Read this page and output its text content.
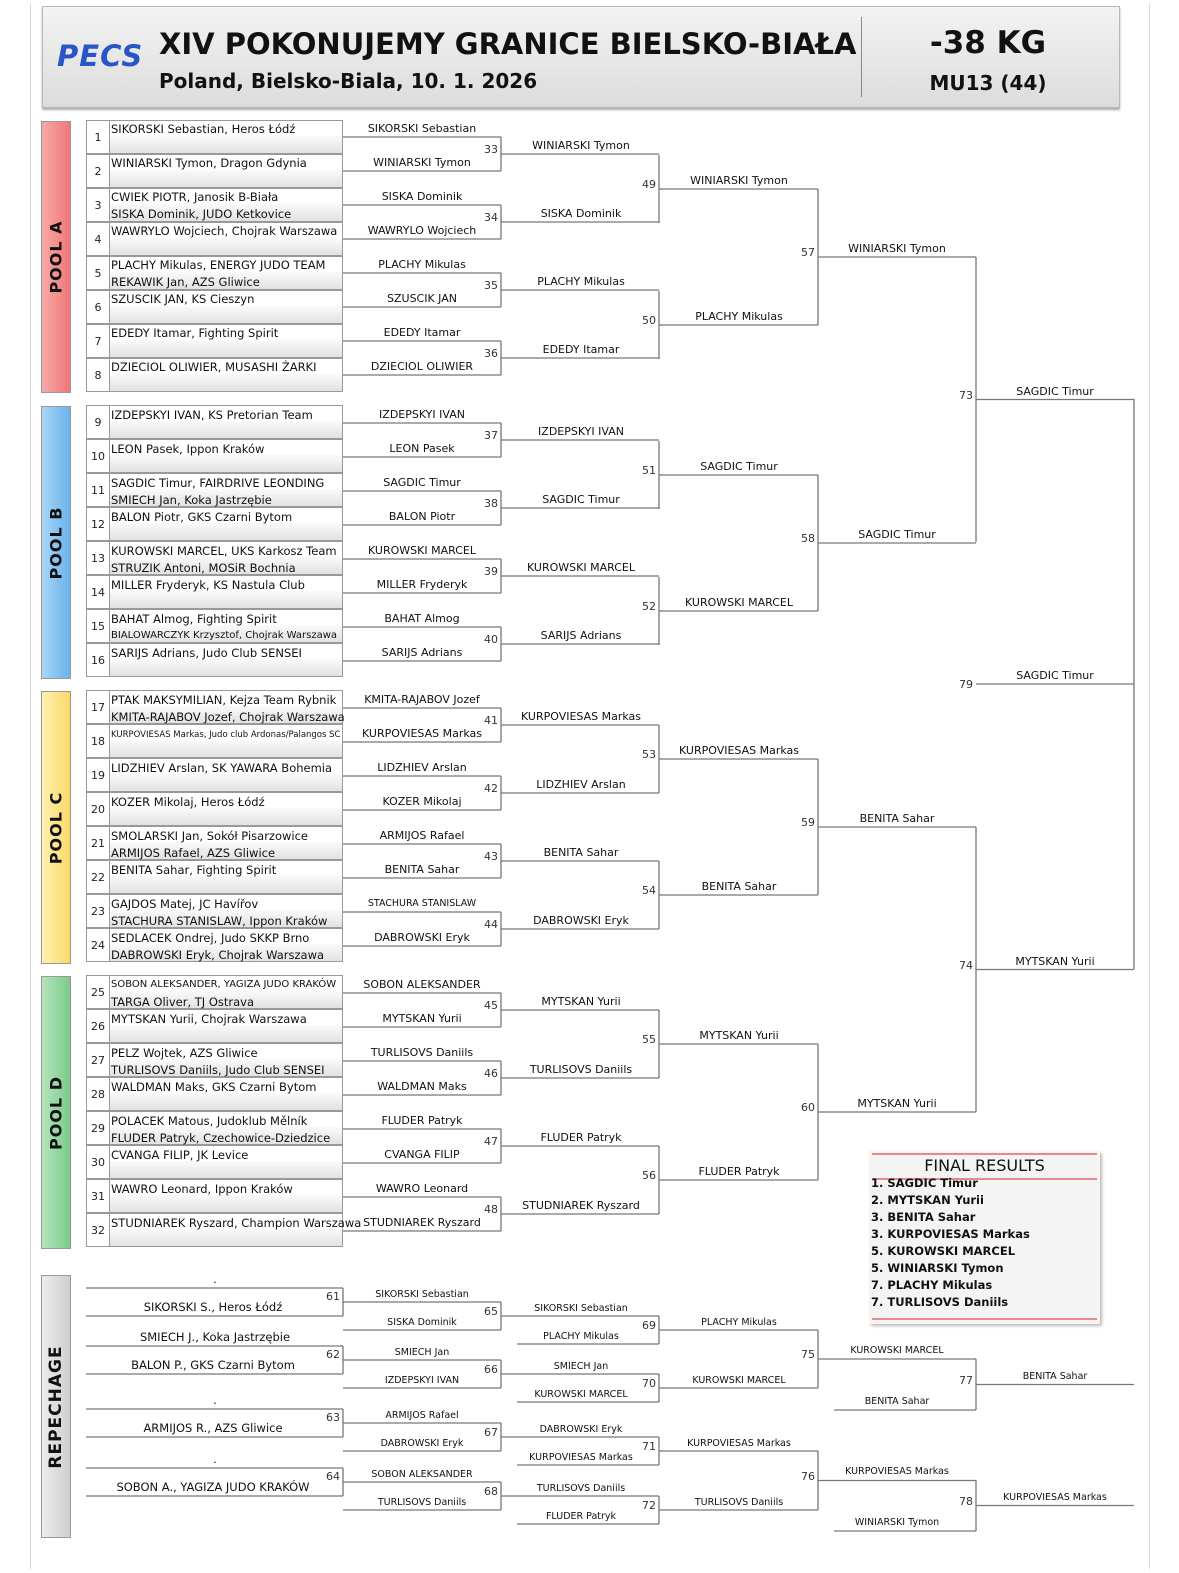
PECS XIV POKONUJEMY GRANICE BIELSKO-BIAŁA
Poland, Bielsko-Biala, 10. 1. 2026
-38 KG
MU13 (44)
POOL A
POOL B
POOL C
POOL D
REPECHAGE
1
2
3
4
5
6
7
8
9
10
11
12
13
14
15
16
17
18
19
20
21
22
23
24
25
26
27
28
29
30
31
32
SIKORSKI Sebastian, Heros Łódź
WINIARSKI Tymon, Dragon Gdynia
CWIEK PIOTR, Janosik B-Biała
SISKA Dominik, JUDO Ketkovice
WAWRYLO Wojciech, Chojrak Warszawa
PLACHY Mikulas, ENERGY JUDO TEAM
REKAWIK Jan, AZS Gliwice
SZUSCIK JAN, KS Cieszyn
EDEDY Itamar, Fighting Spirit
DZIECIOL OLIWIER, MUSASHI ŻARKI
IZDEPSKYI IVAN, KS Pretorian Team
LEON Pasek, Ippon Kraków
SAGDIC Timur, FAIRDRIVE LEONDING
SMIECH Jan, Koka Jastrzębie
BALON Piotr, GKS Czarni Bytom
KUROWSKI MARCEL, UKS Karkosz Team
STRUZIK Antoni, MOSiR Bochnia
MILLER Fryderyk, KS Nastula Club
BAHAT Almog, Fighting Spirit
BIALOWARCZYK Krzysztof, Chojrak Warszawa
SARIJS Adrians, Judo Club SENSEI
PTAK MAKSYMILIAN, Kejza Team Rybnik
KMITA-RAJABOV Jozef, Chojrak Warszawa
KURPOVIESAS Markas, Judo club Ardonas/Palangos SC
LIDZHIEV Arslan, SK YAWARA Bohemia
KOZER Mikolaj, Heros Łódź
SMOLARSKI Jan, Sokół Pisarzowice
ARMIJOS Rafael, AZS Gliwice
BENITA Sahar, Fighting Spirit
GAJDOS Matej, JC Havířov
STACHURA STANISLAW, Ippon Kraków
SEDLACEK Ondrej, Judo SKKP Brno
DABROWSKI Eryk, Chojrak Warszawa
SOBON ALEKSANDER, YAGIZA JUDO KRAKÓW
TARGA Oliver, TJ Ostrava
MYTSKAN Yurii, Chojrak Warszawa
PELZ Wojtek, AZS Gliwice
TURLISOVS Daniils, Judo Club SENSEI
WALDMAN Maks, GKS Czarni Bytom
POLACEK Matous, Judoklub Mělník
FLUDER Patryk, Czechowice-Dziedzice
CVANGA FILIP, JK Levice
WAWRO Leonard, Ippon Kraków
STUDNIAREK Ryszard, Champion Warszawa
SIKORSKI Sebastian
WINIARSKI Tymon
33	WINIARSKI Tymon
SISKA Dominik
WAWRYLO Wojciech
34	SISKA Dominik
PLACHY Mikulas
SZUSCIK JAN
35	PLACHY Mikulas
EDEDY Itamar
DZIECIOL OLIWIER
36	EDEDY Itamar
IZDEPSKYI IVAN
LEON Pasek
37	IZDEPSKYI IVAN
SAGDIC Timur
BALON Piotr
38	SAGDIC Timur
KUROWSKI MARCEL
MILLER Fryderyk
39	KUROWSKI MARCEL
BAHAT Almog
SARIJS Adrians
40	SARIJS Adrians
KMITA-RAJABOV Jozef
KURPOVIESAS Markas
41 KURPOVIESAS Markas
LIDZHIEV Arslan
KOZER Mikolaj
42	LIDZHIEV Arslan
ARMIJOS Rafael
BENITA Sahar
43	BENITA Sahar
STACHURA STANISLAW
DABROWSKI Eryk
44	DABROWSKI Eryk
SOBON ALEKSANDER
MYTSKAN Yurii
45	MYTSKAN Yurii
TURLISOVS Daniils
WALDMAN Maks
46	TURLISOVS Daniils
FLUDER Patryk
CVANGA FILIP
47	FLUDER Patryk
WAWRO Leonard
STUDNIAREK Ryszard
48 STUDNIAREK Ryszard
49	WINIARSKI Tymon
50	PLACHY Mikulas
51	SAGDIC Timur
52	KUROWSKI MARCEL
53 KURPOVIESAS Markas
54	BENITA Sahar
55	MYTSKAN Yurii
56	FLUDER Patryk
57	WINIARSKI Tymon
58	SAGDIC Timur
59	BENITA Sahar
60	MYTSKAN Yurii
73	SAGDIC Timur
74	MYTSKAN Yurii
79
SAGDIC Timur
.
SIKORSKI S., Heros Łódź
61
SMIECH J., Koka Jastrzębie
BALON P., GKS Czarni Bytom
62
.
ARMIJOS R., AZS Gliwice
63
.
SOBON A., YAGIZA JUDO KRAKÓW
64
SIKORSKI Sebastian
SISKA Dominik
65
SMIECH Jan
IZDEPSKYI IVAN
66
ARMIJOS Rafael
DABROWSKI Eryk
67
SOBON ALEKSANDER
TURLISOVS Daniils
68
SIKORSKI Sebastian
PLACHY Mikulas
69	PLACHY Mikulas
SMIECH Jan
KUROWSKI MARCEL
70	KUROWSKI MARCEL
DABROWSKI Eryk
KURPOVIESAS Markas
71	KURPOVIESAS Markas
TURLISOVS Daniils
FLUDER Patryk
72	TURLISOVS Daniils
75
76
KUROWSKI MARCEL
BENITA Sahar
77	BENITA Sahar
KURPOVIESAS Markas
WINIARSKI Tymon
78	KURPOVIESAS Markas
FINAL RESULTS
1. SAGDIC Timur
2. MYTSKAN Yurii
3. BENITA Sahar
3. KURPOVIESAS Markas
5. KUROWSKI MARCEL
5. WINIARSKI Tymon
7. PLACHY Mikulas
7. TURLISOVS Daniils
